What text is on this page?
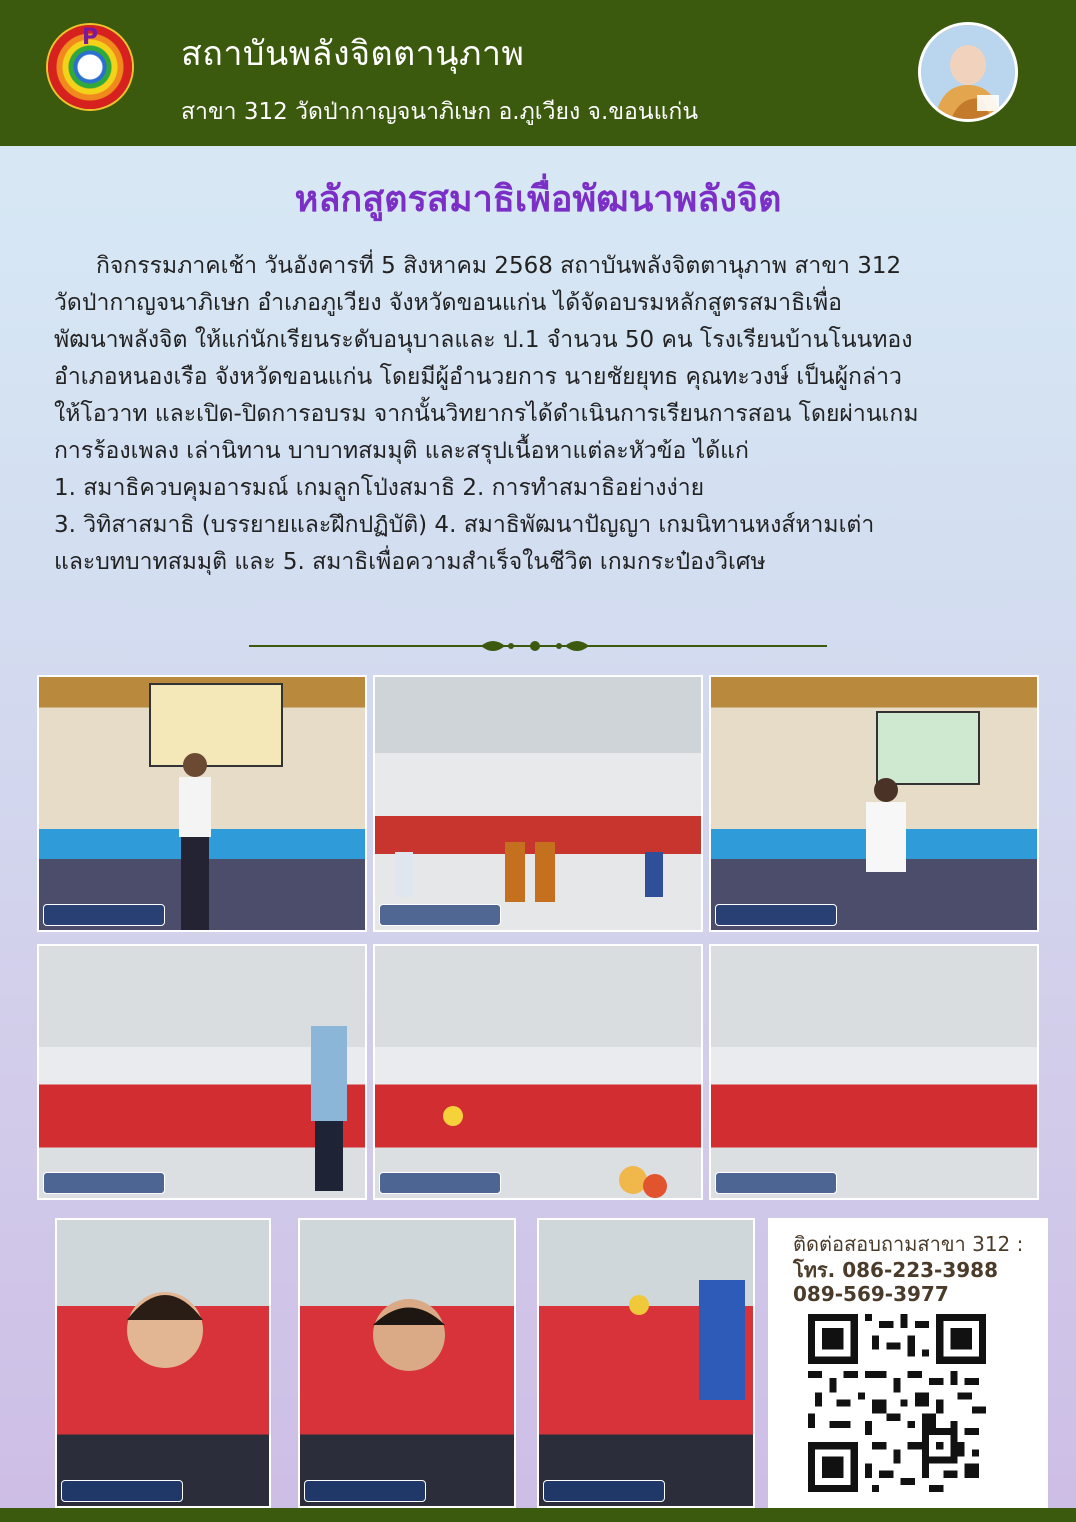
P	สถาบันพลังจิตตานุภาพ
สาขา 312 วัดป่ากาญจนาภิเษก อ.ภูเวียง จ.ขอนแก่น
หลักสูตรสมาธิเพื่อพัฒนาพลังจิต
กิจกรรมภาคเช้า วันอังคารที่ 5 สิงหาคม 2568 สถาบันพลังจิตตานุภาพ สาขา 312
วัดป่ากาญจนาภิเษก อำเภอภูเวียง จังหวัดขอนแก่น ได้จัดอบรมหลักสูตรสมาธิเพื่อ
พัฒนาพลังจิต ให้แก่นักเรียนระดับอนุบาลและ ป.1 จำนวน 50 คน โรงเรียนบ้านโนนทอง
อำเภอหนองเรือ จังหวัดขอนแก่น โดยมีผู้อำนวยการ นายชัยยุทธ คุณทะวงษ์ เป็นผู้กล่าว
ให้โอวาท และเปิด-ปิดการอบรม จากนั้นวิทยากรได้ดำเนินการเรียนการสอน โดยผ่านเกม
การร้องเพลง เล่านิทาน บาบาทสมมุติ และสรุปเนื้อหาแต่ละหัวข้อ ได้แก่
1. สมาธิควบคุมอารมณ์ เกมลูกโป่งสมาธิ 2. การทำสมาธิอย่างง่าย
3. วิทิสาสมาธิ (บรรยายและฝึกปฏิบัติ) 4. สมาธิพัฒนาปัญญา เกมนิทานหงส์หามเต่า
และบทบาทสมมุติ และ 5. สมาธิเพื่อความสำเร็จในชีวิต เกมกระป๋องวิเศษ
ติดต่อสอบถามสาขา 312 :
โทร. 086-223-3988
089-569-3977
